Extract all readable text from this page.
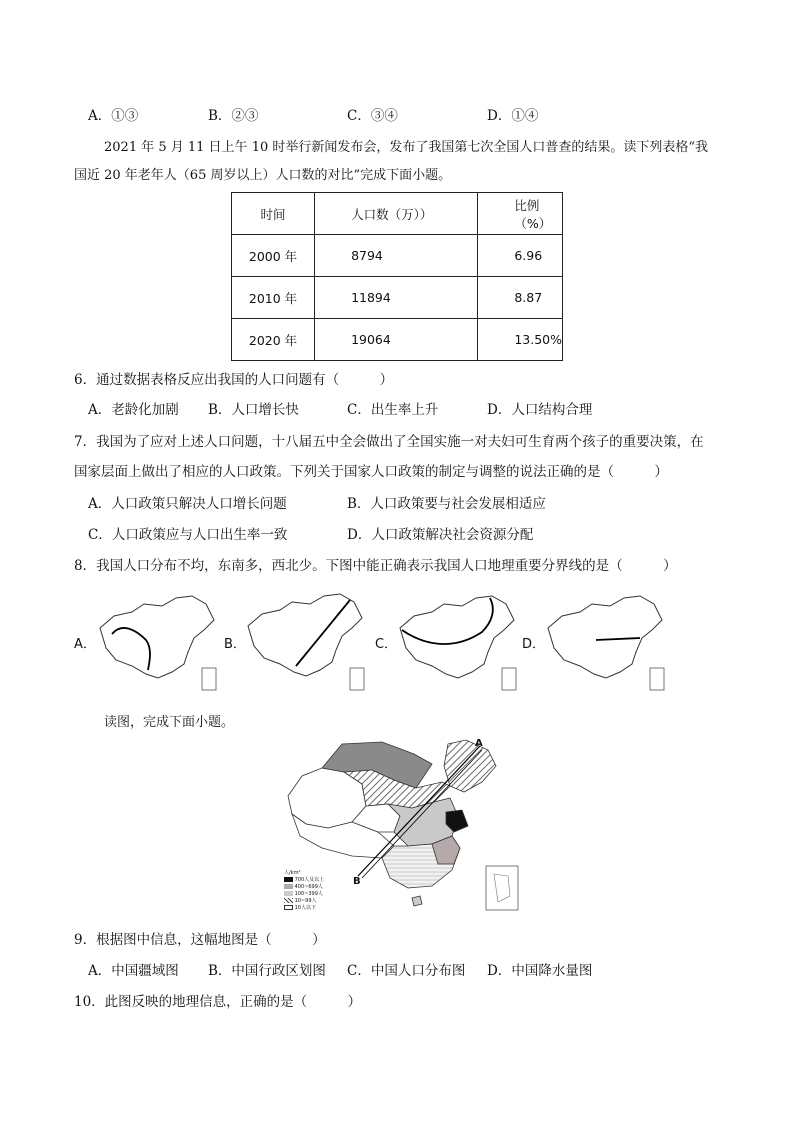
A．①③	B．②③	C．③④	D．①④
2021 年 5 月 11 日上午 10 时举行新闻发布会，发布了我国第七次全国人口普查的结果。读下列表格“我
国近 20 年老年人（65 周岁以上）人口数的对比”完成下面小题。
时间	人口数（万））	比例（%）
2000 年	8794	6.96
2010 年	11894	8.87
2020 年	19064	13.50%
6．通过数据表格反应出我国的人口问题有（　　　）
A．老龄化加剧 B．人口增长快	C．出生率上升	D．人口结构合理
7．我国为了应对上述人口问题，十八届五中全会做出了全国实施一对夫妇可生育两个孩子的重要决策，在
国家层面上做出了相应的人口政策。下列关于国家人口政策的制定与调整的说法正确的是（　　　）
A．人口政策只解决人口增长问题	B．人口政策要与社会发展相适应
C．人口政策应与人口出生率一致	D．人口政策解决社会资源分配
8．我国人口分布不均，东南多，西北少。下图中能正确表示我国人口地理重要分界线的是（　　　）
A．	B．	C．	D．
读图，完成下面小题。
A
B
人/km²
700人及以上
400~699人
100~399人
10~99人
10人以下
9．根据图中信息，这幅地图是（　　　）
A．中国疆域图 B．中国行政区划图 C．中国人口分布图 D．中国降水量图
10．此图反映的地理信息，正确的是（　　　）
